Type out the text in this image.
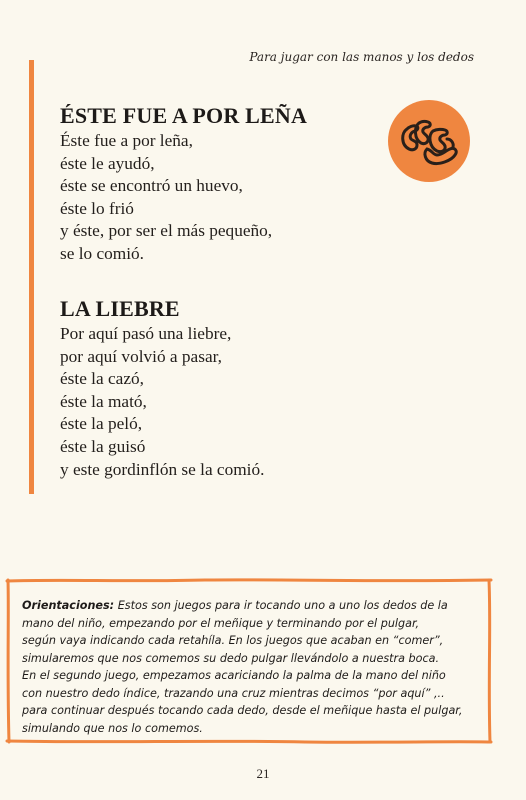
Para jugar con las manos y los dedos
ÉSTE FUE A POR LEÑA
Éste fue a por leña,
éste le ayudó,
éste se encontró un huevo,
éste lo frió
y éste, por ser el más pequeño,
se lo comió.
LA LIEBRE
Por aquí pasó una liebre,
por aquí volvió a pasar,
éste la cazó,
éste la mató,
éste la peló,
éste la guisó
y este gordinflón se la comió.
Orientaciones: Estos son juegos para ir tocando uno a uno los dedos de la
mano del niño, empezando por el meñique y terminando por el pulgar,
según vaya indicando cada retahíla. En los juegos que acaban en “comer”,
simularemos que nos comemos su dedo pulgar llevándolo a nuestra boca.
En el segundo juego, empezamos acariciando la palma de la mano del niño
con nuestro dedo índice, trazando una cruz mientras decimos “por aquí” ,..
para continuar después tocando cada dedo, desde el meñique hasta el pulgar,
simulando que nos lo comemos.
21
